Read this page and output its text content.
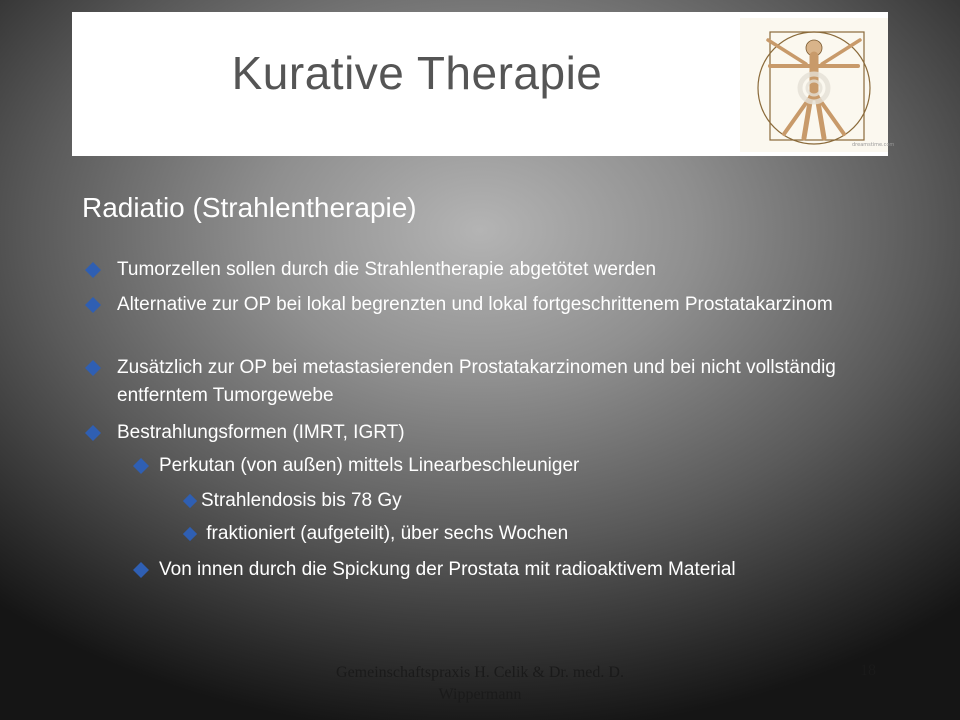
Kurative Therapie
dreamstime.com
Radiatio (Strahlentherapie)
Tumorzellen sollen durch die Strahlentherapie abgetötet werden
Alternative zur OP bei lokal begrenzten und lokal fortgeschrittenem Prostatakarzinom
Zusätzlich zur OP bei metastasierenden Prostatakarzinomen und bei nicht vollständig entferntem Tumorgewebe
Bestrahlungsformen (IMRT, IGRT)
Perkutan (von außen) mittels Linearbeschleuniger
Strahlendosis bis 78 Gy
fraktioniert (aufgeteilt), über sechs Wochen
Von innen durch die Spickung der Prostata mit radioaktivem Material
Gemeinschaftspraxis H. Celik & Dr. med. D. Wippermann
18
